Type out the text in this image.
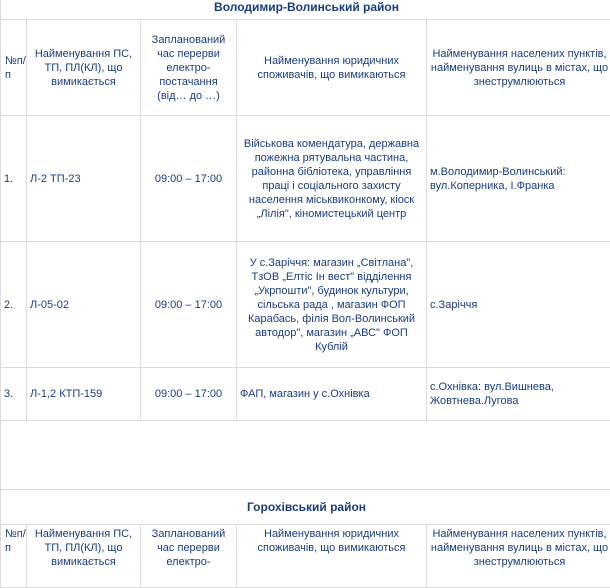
Володимир-Волинський район				
№п/п	Найменування ПС, ТП, ПЛ(КЛ), що вимикається	Запланований час перерви електро-постачання (від… до …)	Найменування юридичних споживачів, що вимикаються	Найменування населених пунктів, найменування вулиць в містах, що знеструмлюються
1.	Л-2 ТП-23	09:00 – 17:00	Військова комендатура, державна пожежна рятувальна частина, районна бібліотека, управління праці і соціального захисту населення міськвиконкому, кіоск „Лілія", кіномистецький центр	м.Володимир-Волинський: вул.Коперника, І.Франка
2.	Л-05-02	09:00 – 17:00	У с.Заріччя: магазин „Світлана", ТзОВ „Елтіс Ін вест" відділення „Укрпошти", будинок культури, сільська рада , магазин ФОП Карабась, філія Вол-Волинський автодор", магазин „АВС" ФОП Кублій	с.Заріччя
3.	Л-1,2 КТП-159	09:00 – 17:00	ФАП, магазин у с.Охнівка	с.Охнівка: вул.Вишнева, Жовтнева.Лугова

Горохівський район				
№п/п	Найменування ПС, ТП, ПЛ(КЛ), що вимикається	Запланований час перерви електро-	Найменування юридичних споживачів, що вимикаються	Найменування населених пунктів, найменування вулиць в містах, що знеструмлюються
